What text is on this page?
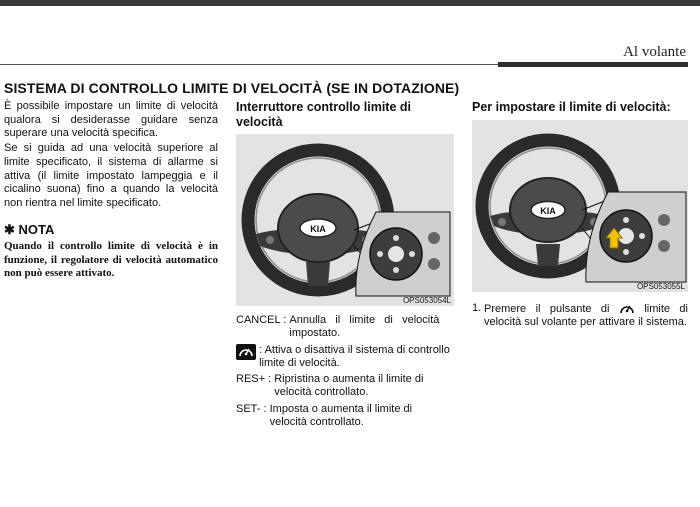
Al volante
SISTEMA DI CONTROLLO LIMITE DI VELOCITÀ (SE IN DOTAZIONE)

È possibile impostare un limite di velocità qualora si desiderasse guidare senza superare una velocità specifica.

Se si guida ad una velocità superiore al limite specificato, il sistema di allarme si attiva (il limite impostato lampeggia e il cicalino suona) fino a quando la velocità non rientra nel limite specificato.

✱ NOTA
Quando il controllo limite di velocità è in funzione, il regolatore di velocità automatico non può essere attivato.
Interruttore controllo limite di velocità
KIA
OPS053054L
CANCEL : Annulla il limite di velocità impostato.
: Attiva o disattiva il sistema di controllo limite di velocità.
RES+ : Ripristina o aumenta il limite di velocità controllato.
SET- : Imposta o aumenta il limite di velocità controllato.
Per impostare il limite di velocità:
KIA
OPS053055L
1. Premere il pulsante di	limite di velocità sul volante per attivare il sistema.
